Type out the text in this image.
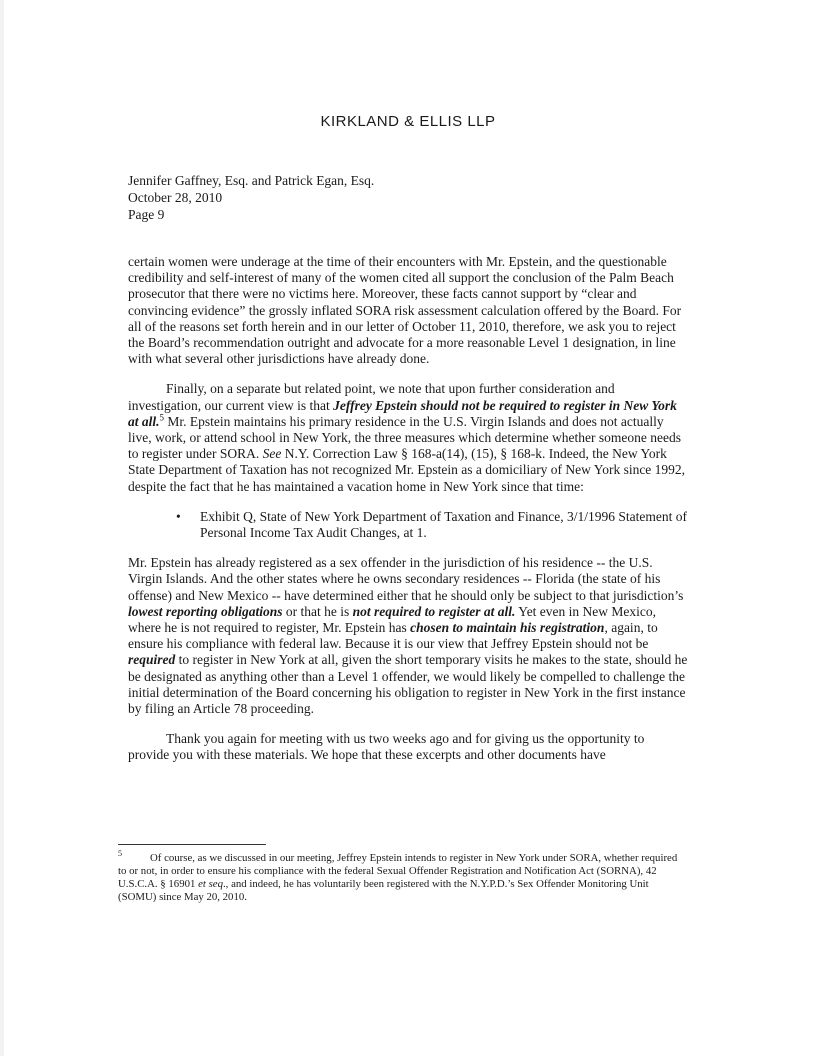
KIRKLAND & ELLIS LLP
Jennifer Gaffney, Esq. and Patrick Egan, Esq.
October 28, 2010
Page 9

certain women were underage at the time of their encounters with Mr. Epstein, and the questionable credibility and self-interest of many of the women cited all support the conclusion of the Palm Beach prosecutor that there were no victims here. Moreover, these facts cannot support by “clear and convincing evidence” the grossly inflated SORA risk assessment calculation offered by the Board. For all of the reasons set forth herein and in our letter of October 11, 2010, therefore, we ask you to reject the Board’s recommendation outright and advocate for a more reasonable Level 1 designation, in line with what several other jurisdictions have already done.

Finally, on a separate but related point, we note that upon further consideration and investigation, our current view is that Jeffrey Epstein should not be required to register in New York at all.$^5$ Mr. Epstein maintains his primary residence in the U.S. Virgin Islands and does not actually live, work, or attend school in New York, the three measures which determine whether someone needs to register under SORA. See N.Y. Correction Law § 168-a(14), (15), § 168-k. Indeed, the New York State Department of Taxation has not recognized Mr. Epstein as a domiciliary of New York since 1992, despite the fact that he has maintained a vacation home in New York since that time:

•	Exhibit Q, State of New York Department of Taxation and Finance, 3/1/1996 Statement of Personal Income Tax Audit Changes, at 1.

Mr. Epstein has already registered as a sex offender in the jurisdiction of his residence -- the U.S. Virgin Islands. And the other states where he owns secondary residences -- Florida (the state of his offense) and New Mexico -- have determined either that he should only be subject to that jurisdiction’s lowest reporting obligations or that he is not required to register at all. Yet even in New Mexico, where he is not required to register, Mr. Epstein has chosen to maintain his registration, again, to ensure his compliance with federal law. Because it is our view that Jeffrey Epstein should not be required to register in New York at all, given the short temporary visits he makes to the state, should he be designated as anything other than a Level 1 offender, we would likely be compelled to challenge the initial determination of the Board concerning his obligation to register in New York in the first instance by filing an Article 78 proceeding.

Thank you again for meeting with us two weeks ago and for giving us the opportunity to provide you with these materials. We hope that these excerpts and other documents have

$^5$	Of course, as we discussed in our meeting, Jeffrey Epstein intends to register in New York under SORA, whether required to or not, in order to ensure his compliance with the federal Sexual Offender Registration and Notification Act (SORNA), 42 U.S.C.A. § 16901 et seq., and indeed, he has voluntarily been registered with the N.Y.P.D.’s Sex Offender Monitoring Unit (SOMU) since May 20, 2010.
